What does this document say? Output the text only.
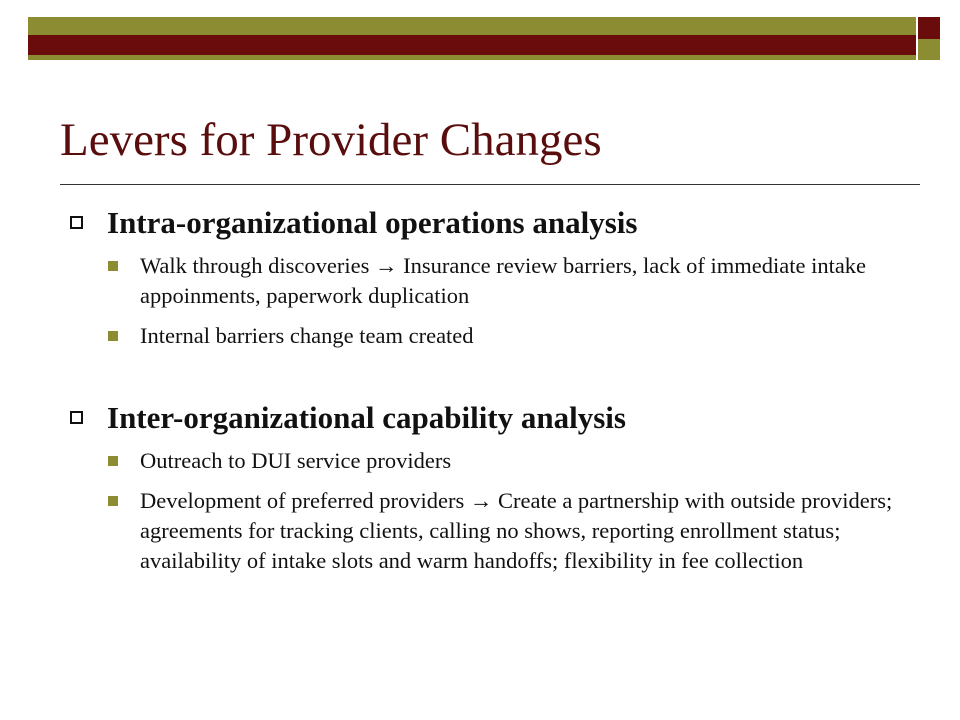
Levers for Provider Changes
Intra-organizational operations analysis
Walk through discoveries → Insurance review barriers, lack of immediate intake appoinments, paperwork duplication
Internal barriers change team created
Inter-organizational capability analysis
Outreach to DUI service providers
Development of preferred providers → Create a partnership with outside providers; agreements for tracking clients, calling no shows, reporting enrollment status; availability of intake slots and warm handoffs; flexibility in fee collection
